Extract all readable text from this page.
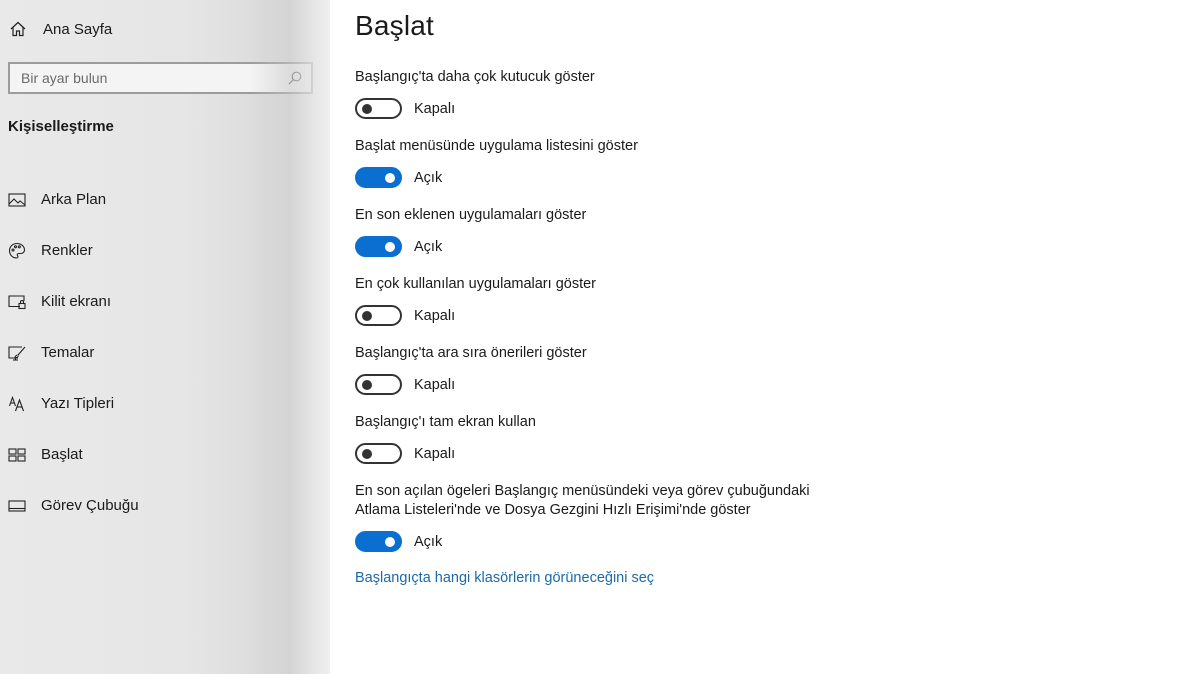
Ana Sayfa
Bir ayar bulun
Kişiselleştirme
Arka Plan
Renkler
Kilit ekranı
Temalar
Yazı Tipleri
Başlat
Görev Çubuğu
Başlat
Başlangıç'ta daha çok kutucuk göster
Kapalı
Başlat menüsünde uygulama listesini göster
Açık
En son eklenen uygulamaları göster
Açık
En çok kullanılan uygulamaları göster
Kapalı
Başlangıç'ta ara sıra önerileri göster
Kapalı
Başlangıç'ı tam ekran kullan
Kapalı
En son açılan ögeleri Başlangıç menüsündeki veya görev çubuğundaki
Atlama Listeleri'nde ve Dosya Gezgini Hızlı Erişimi'nde göster
Açık
Başlangıçta hangi klasörlerin görüneceğini seç
